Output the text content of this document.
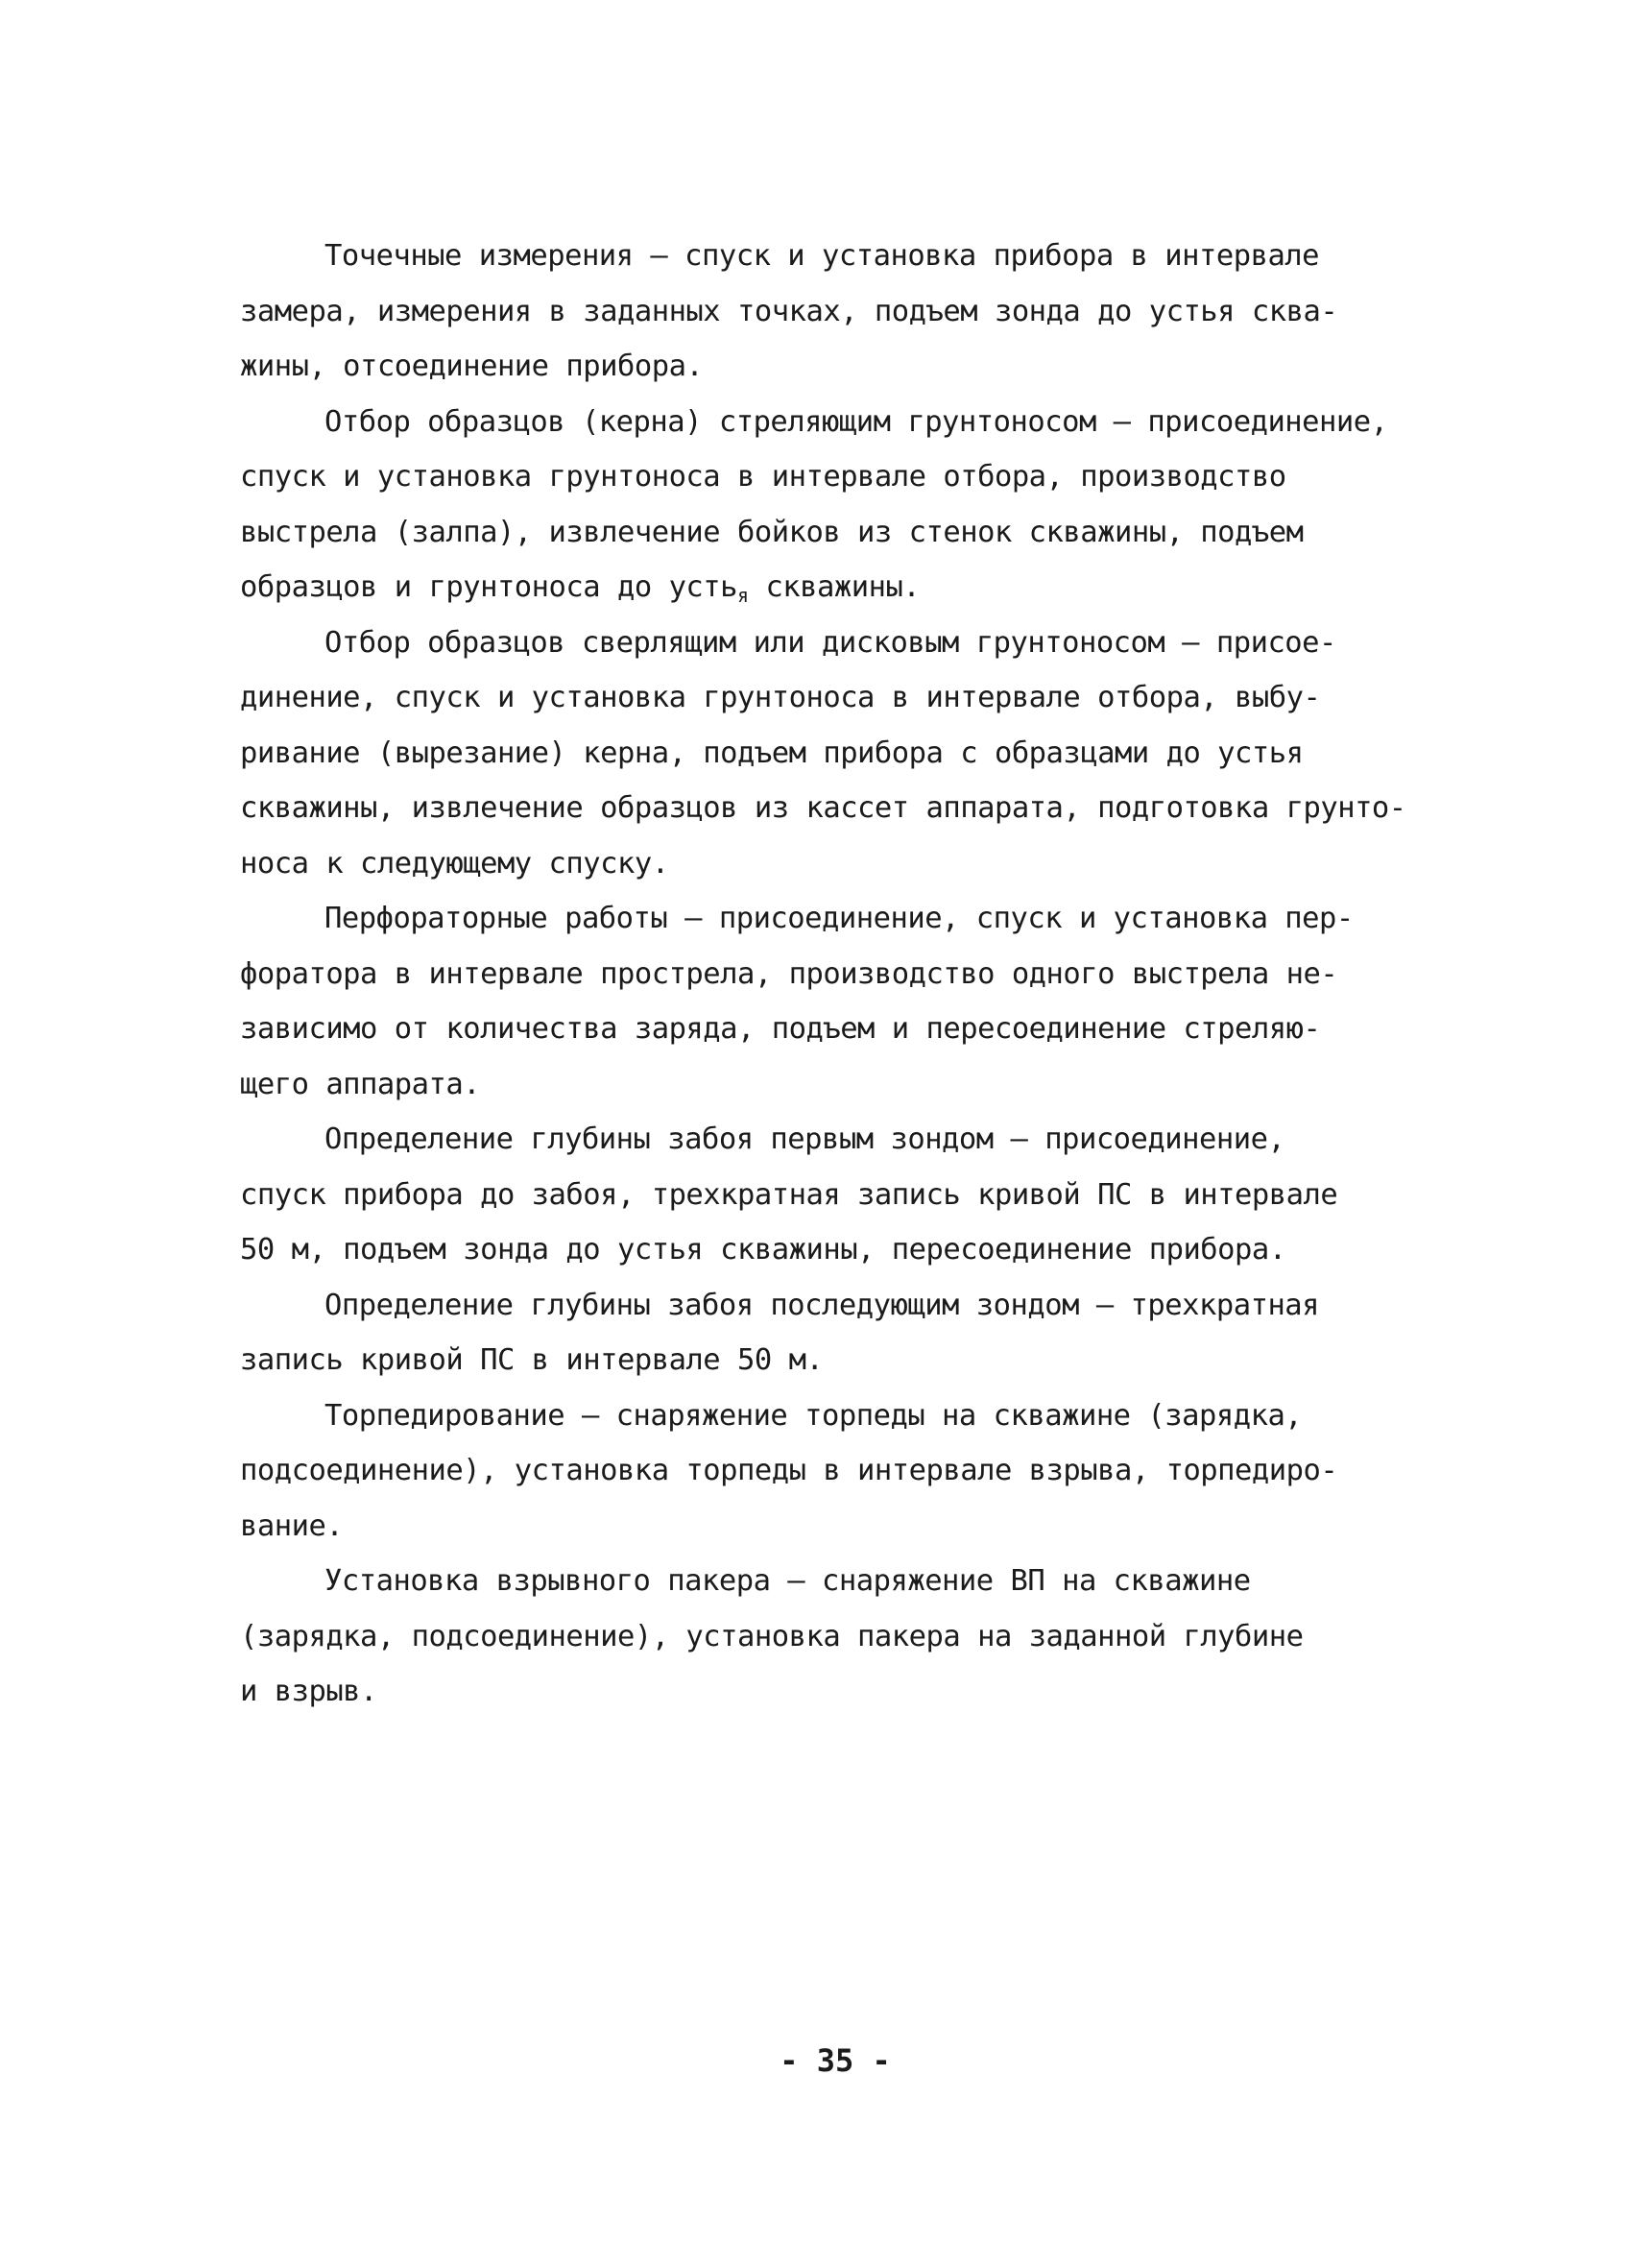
Точечные измерения – спуск и установка прибора в интервале
замера, измерения в заданных точках, подъем зонда до устья сква-
жины, отсоединение прибора.
Отбор образцов (керна) стреляющим грунтоносом – присоединение,
спуск и установка грунтоноса в интервале отбора, производство
выстрела (залпа), извлечение бойков из стенок скважины, подъем
образцов и грунтоноса до усть$_я$ скважины.
Отбор образцов сверлящим или дисковым грунтоносом – присое-
динение, спуск и установка грунтоноса в интервале отбора, выбу-
ривание (вырезание) керна, подъем прибора с образцами до устья
скважины, извлечение образцов из кассет аппарата, подготовка грунто-
носа к следующему спуску.
Перфораторные работы – присоединение, спуск и установка пер-
форатора в интервале прострела, производство одного выстрела не-
зависимо от количества заряда, подъем и пересоединение стреляю-
щего аппарата.
Определение глубины забоя первым зондом – присоединение,
спуск прибора до забоя, трехкратная запись кривой ПС в интервале
50 м, подъем зонда до устья скважины, пересоединение прибора.
Определение глубины забоя последующим зондом – трехкратная
запись кривой ПС в интервале 50 м.
Торпедирование – снаряжение торпеды на скважине (зарядка,
подсоединение), установка торпеды в интервале взрыва, торпедиро-
вание.
Установка взрывного пакера – снаряжение ВП на скважине
(зарядка, подсоединение), установка пакера на заданной глубине
и взрыв.
- 35 -
